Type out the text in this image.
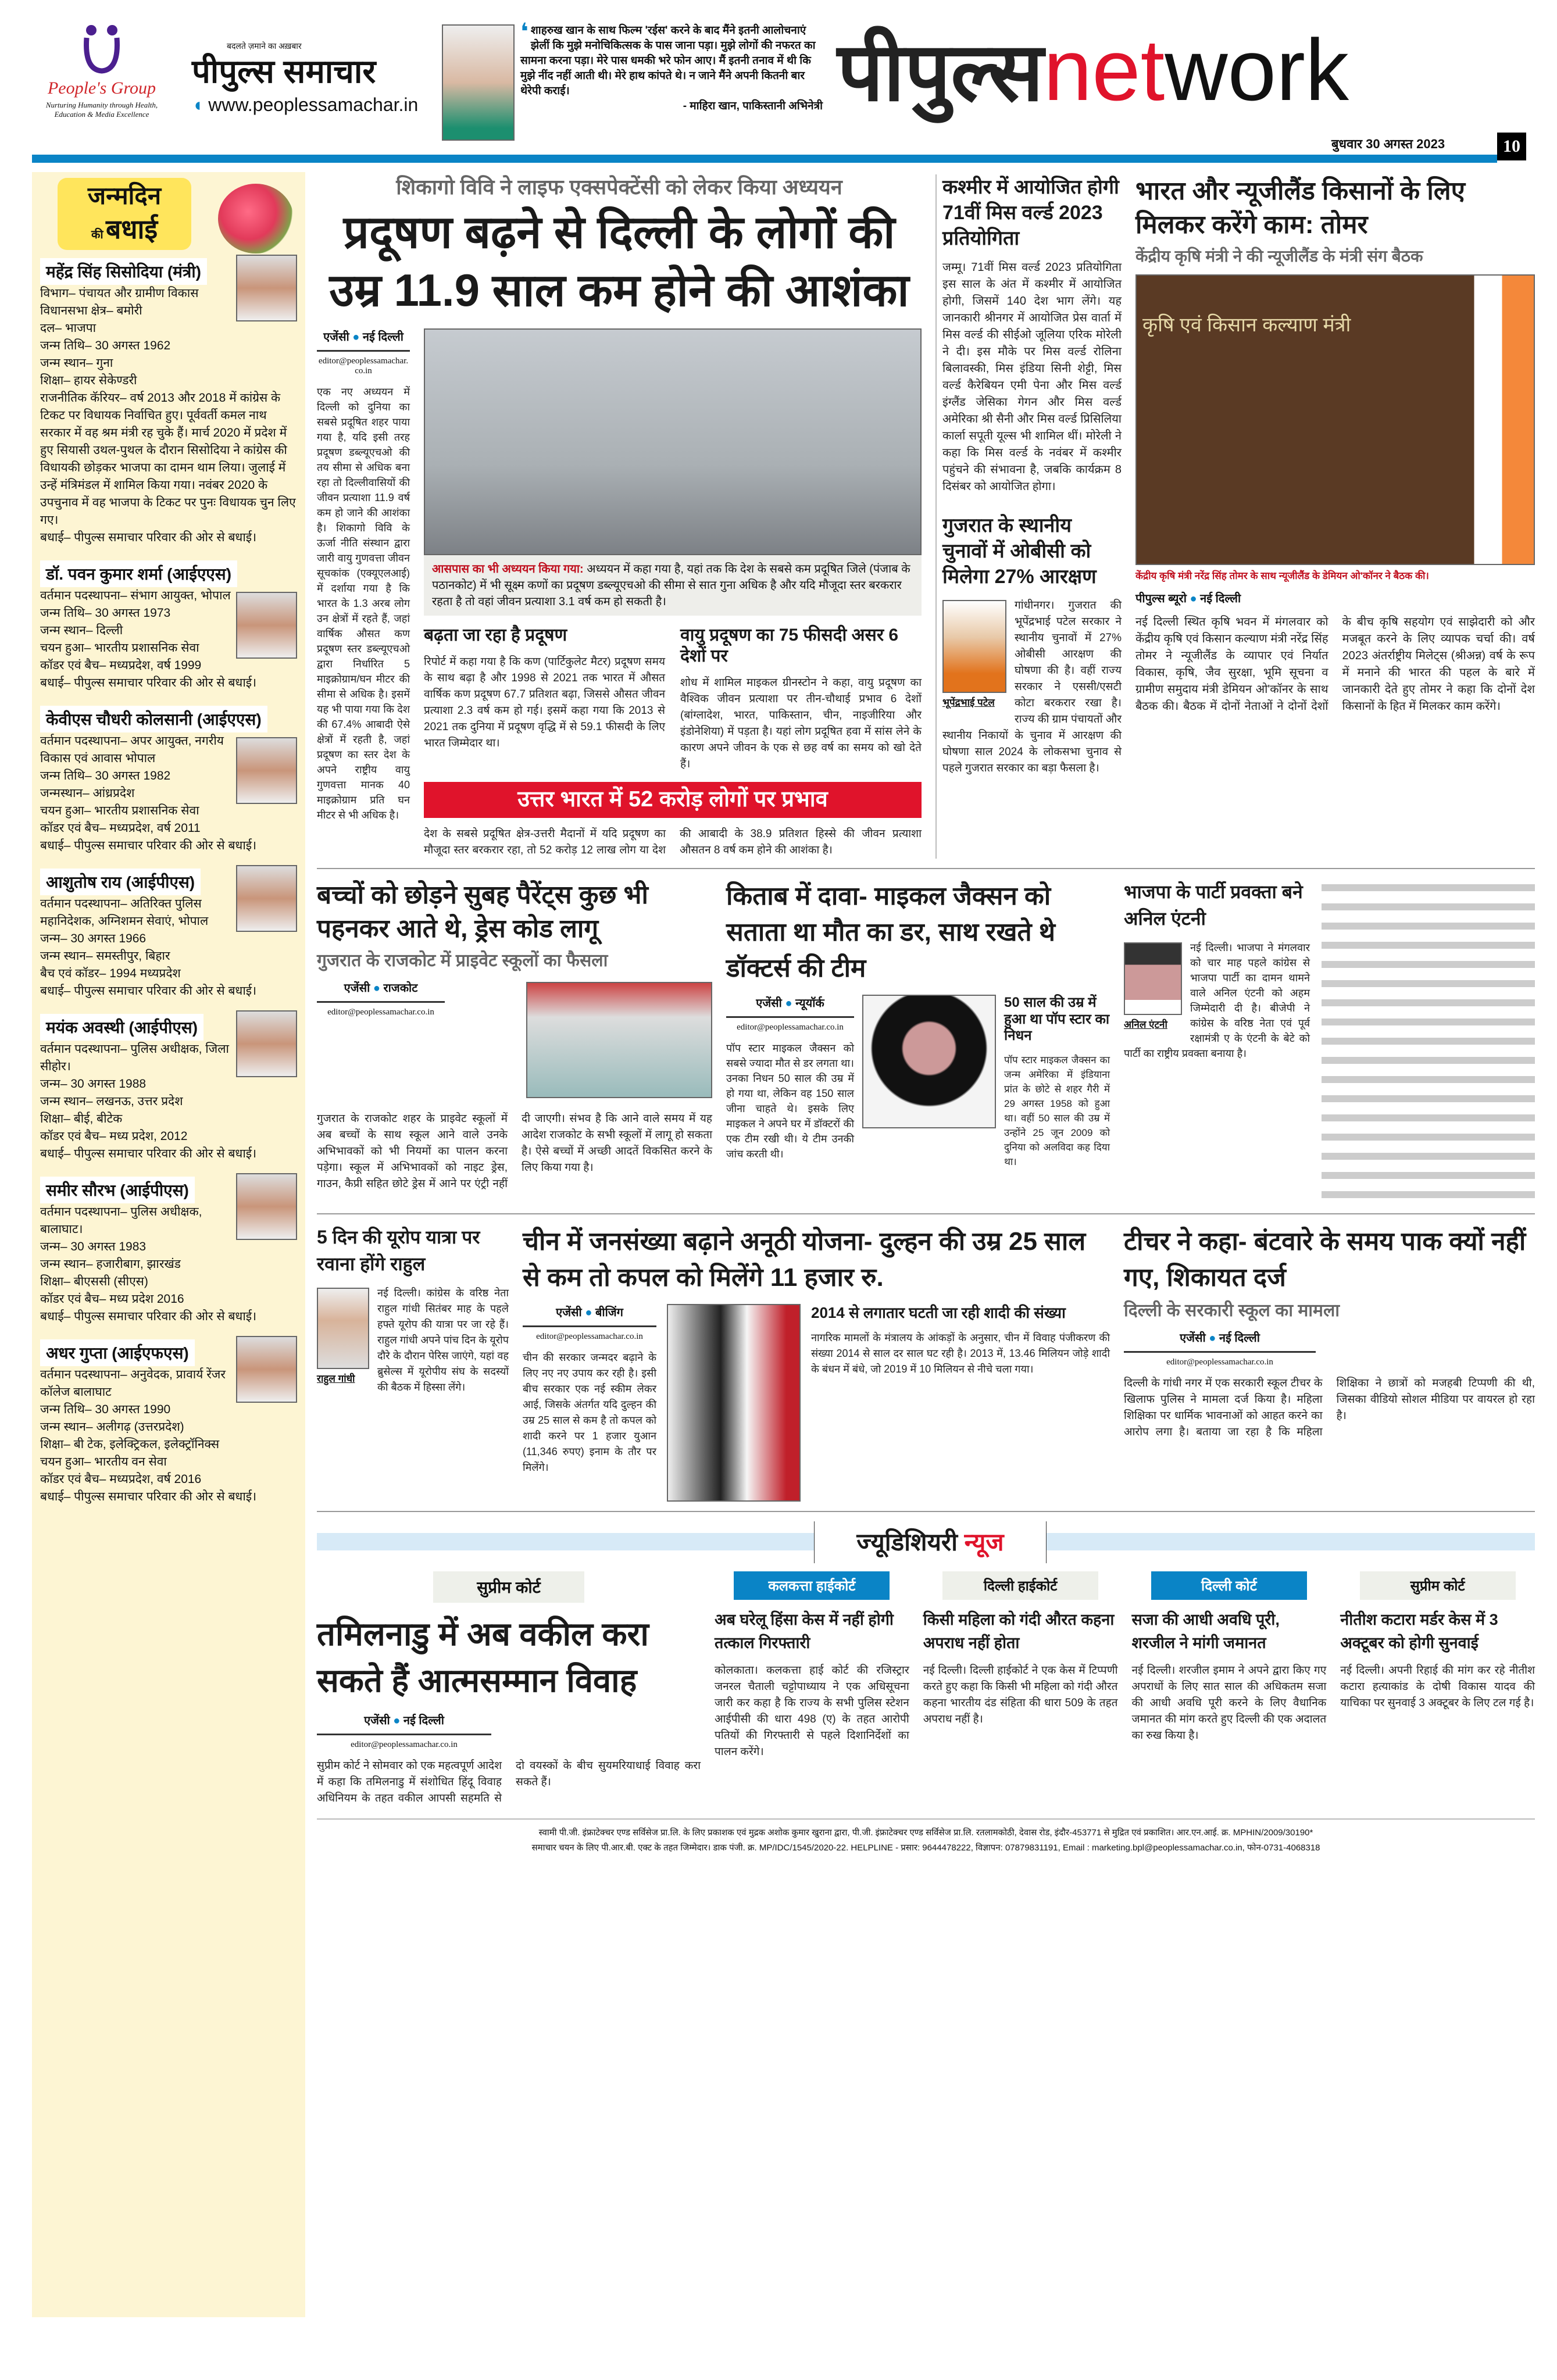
People's Group
Nurturing Humanity through Health, Education & Media Excellence
बदलते ज़माने का अख़बार
पीपुल्स समाचार
◖ www.peoplessamachar.in
❛ शाहरुख खान के साथ फिल्म 'रईस' करने के बाद मैंने इतनी आलोचनाएं झेलीं कि मुझे मनोचिकित्सक के पास जाना पड़ा। मुझे लोगों की नफरत का सामना करना पड़ा। मेरे पास धमकी भरे फोन आए। मैं इतनी तनाव में थी कि मुझे नींद नहीं आती थी। मेरे हाथ कांपते थे। न जाने मैंने अपनी कितनी बार थेरेपी कराई।
- माहिरा खान, पाकिस्तानी अभिनेत्री पीपुल्सnetwork
बुधवार 30 अगस्त 2023	10
जन्मदिन
की बधाई
महेंद्र सिंह सिसोदिया (मंत्री)
विभाग– पंचायत और ग्रामीण विकास
विधानसभा क्षेत्र– बमोरी
दल– भाजपा
जन्म तिथि– 30 अगस्त 1962
जन्म स्थान– गुना
शिक्षा– हायर सेकेण्डरी
राजनीतिक कॅरियर– वर्ष 2013 और 2018 में कांग्रेस के टिकट पर विधायक निर्वाचित हुए। पूर्ववर्ती कमल नाथ सरकार में वह श्रम मंत्री रह चुके हैं। मार्च 2020 में प्रदेश में हुए सियासी उथल-पुथल के दौरान सिसोदिया ने कांग्रेस की विधायकी छोड़कर भाजपा का दामन थाम लिया। जुलाई में उन्हें मंत्रिमंडल में शामिल किया गया। नवंबर 2020 के उपचुनाव में वह भाजपा के टिकट पर पुनः विधायक चुन लिए गए।
बधाई– पीपुल्स समाचार परिवार की ओर से बधाई।
डॉ. पवन कुमार शर्मा (आईएएस)
वर्तमान पदस्थापना– संभाग आयुक्त, भोपाल
जन्म तिथि– 30 अगस्त 1973
जन्म स्थान– दिल्ली
चयन हुआ– भारतीय प्रशासनिक सेवा
कॉडर एवं बैच– मध्यप्रदेश, वर्ष 1999
बधाई– पीपुल्स समाचार परिवार की ओर से बधाई।
केवीएस चौधरी कोलसानी (आईएएस)
वर्तमान पदस्थापना– अपर आयुक्त, नगरीय विकास एवं आवास भोपाल
जन्म तिथि– 30 अगस्त 1982
जन्मस्थान– आंध्रप्रदेश
चयन हुआ– भारतीय प्रशासनिक सेवा
कॉडर एवं बैच– मध्यप्रदेश, वर्ष 2011
बधाई– पीपुल्स समाचार परिवार की ओर से बधाई।
आशुतोष राय (आईपीएस)
वर्तमान पदस्थापना– अतिरिक्त पुलिस महानिदेशक, अग्निशमन सेवाएं, भोपाल
जन्म– 30 अगस्त 1966
जन्म स्थान– समस्तीपुर, बिहार
बैच एवं कॉडर– 1994 मध्यप्रदेश
बधाई– पीपुल्स समाचार परिवार की ओर से बधाई।
मयंक अवस्थी (आईपीएस)
वर्तमान पदस्थापना– पुलिस अधीक्षक, जिला सीहोर।
जन्म– 30 अगस्त 1988
जन्म स्थान– लखनऊ, उत्तर प्रदेश
शिक्षा– बीई, बीटेक
कॉडर एवं बैच– मध्य प्रदेश, 2012
बधाई– पीपुल्स समाचार परिवार की ओर से बधाई।
समीर सौरभ (आईपीएस)
वर्तमान पदस्थापना– पुलिस अधीक्षक, बालाघाट।
जन्म– 30 अगस्त 1983
जन्म स्थान– हजारीबाग, झारखंड
शिक्षा– बीएससी (सीएस)
कॉडर एवं बैच– मध्य प्रदेश 2016
बधाई– पीपुल्स समाचार परिवार की ओर से बधाई।
अधर गुप्ता (आईएफएस)
वर्तमान पदस्थापना– अनुवेदक, प्रावार्य रेंजर कॉलेज बालाघाट
जन्म तिथि– 30 अगस्त 1990
जन्म स्थान– अलीगढ़ (उत्तरप्रदेश)
शिक्षा– बी टेक, इलेक्ट्रिकल, इलेक्ट्रॉनिक्स
चयन हुआ– भारतीय वन सेवा
कॉडर एवं बैच– मध्यप्रदेश, वर्ष 2016
बधाई– पीपुल्स समाचार परिवार की ओर से बधाई।
शिकागो विवि ने लाइफ एक्सपेक्टेंसी को लेकर किया अध्ययन
प्रदूषण बढ़ने से दिल्ली के लोगों की उम्र 11.9 साल कम होने की आशंका
एजेंसी ● नई दिल्ली
editor@peoplessamachar.co.in
एक नए अध्ययन में दिल्ली को दुनिया का सबसे प्रदूषित शहर पाया गया है, यदि इसी तरह प्रदूषण डब्ल्यूएचओ की तय सीमा से अधिक बना रहा तो दिल्लीवासियों की जीवन प्रत्याशा 11.9 वर्ष कम हो जाने की आशंका है। शिकागो विवि के ऊर्जा नीति संस्थान द्वारा जारी वायु गुणवत्ता जीवन सूचकांक (एक्यूएलआई) में दर्शाया गया है कि भारत के 1.3 अरब लोग उन क्षेत्रों में रहते हैं, जहां वार्षिक औसत कण प्रदूषण स्तर डब्ल्यूएचओ द्वारा निर्धारित 5 माइक्रोग्राम/घन मीटर की सीमा से अधिक है। इसमें यह भी पाया गया कि देश की 67.4% आबादी ऐसे क्षेत्रों में रहती है, जहां प्रदूषण का स्तर देश के अपने राष्ट्रीय वायु गुणवत्ता मानक 40 माइक्रोग्राम प्रति घन मीटर से भी अधिक है।
आसपास का भी अध्ययन किया गया: अध्ययन में कहा गया है, यहां तक कि देश के सबसे कम प्रदूषित जिले (पंजाब के पठानकोट) में भी सूक्ष्म कणों का प्रदूषण डब्ल्यूएचओ की सीमा से सात गुना अधिक है और यदि मौजूदा स्तर बरकरार रहता है तो वहां जीवन प्रत्याशा 3.1 वर्ष कम हो सकती है।
बढ़ता जा रहा है प्रदूषण
रिपोर्ट में कहा गया है कि कण (पार्टिकुलेट मैटर) प्रदूषण समय के साथ बढ़ा है और 1998 से 2021 तक भारत में औसत वार्षिक कण प्रदूषण 67.7 प्रतिशत बढ़ा, जिससे औसत जीवन प्रत्याशा 2.3 वर्ष कम हो गई। इसमें कहा गया कि 2013 से 2021 तक दुनिया में प्रदूषण वृद्धि में से 59.1 फीसदी के लिए भारत जिम्मेदार था।
वायु प्रदूषण का 75 फीसदी असर 6 देशों पर
शोध में शामिल माइकल ग्रीनस्टोन ने कहा, वायु प्रदूषण का वैश्विक जीवन प्रत्याशा पर तीन-चौथाई प्रभाव 6 देशों (बांग्लादेश, भारत, पाकिस्तान, चीन, नाइजीरिया और इंडोनेशिया) में पड़ता है। यहां लोग प्रदूषित हवा में सांस लेने के कारण अपने जीवन के एक से छह वर्ष का समय को खो देते हैं।
उत्तर भारत में 52 करोड़ लोगों पर प्रभाव
देश के सबसे प्रदूषित क्षेत्र-उत्तरी मैदानों में यदि प्रदूषण का मौजूदा स्तर बरकरार रहा, तो 52 करोड़ 12 लाख लोग या देश की आबादी के 38.9 प्रतिशत हिस्से की जीवन प्रत्याशा औसतन 8 वर्ष कम होने की आशंका है।
कश्मीर में आयोजित होगी 71वीं मिस वर्ल्ड 2023 प्रतियोगिता
जम्मू। 71वीं मिस वर्ल्ड 2023 प्रतियोगिता इस साल के अंत में कश्मीर में आयोजित होगी, जिसमें 140 देश भाग लेंगे। यह जानकारी श्रीनगर में आयोजित प्रेस वार्ता में मिस वर्ल्ड की सीईओ जूलिया एरिक मोरेली ने दी। इस मौके पर मिस वर्ल्ड रोलिना बिलावस्की, मिस इंडिया सिनी शेट्टी, मिस वर्ल्ड कैरेबियन एमी पेना और मिस वर्ल्ड इंग्लैंड जेसिका गेगन और मिस वर्ल्ड अमेरिका श्री सैनी और मिस वर्ल्ड प्रिसिलिया कार्ला सपूती यूल्स भी शामिल थीं। मोरेली ने कहा कि मिस वर्ल्ड के नवंबर में कश्मीर पहुंचने की संभावना है, जबकि कार्यक्रम 8 दिसंबर को आयोजित होगा।
गुजरात के स्थानीय चुनावों में ओबीसी को मिलेगा 27% आरक्षण
भूपेंद्रभाई पटेल
गांधीनगर। गुजरात की भूपेंद्रभाई पटेल सरकार ने स्थानीय चुनावों में 27% ओबीसी आरक्षण की घोषणा की है। वहीं राज्य सरकार ने एससी/एसटी कोटा बरकरार रखा है। राज्य की ग्राम पंचायतों और स्थानीय निकायों के चुनाव में आरक्षण की घोषणा साल 2024 के लोकसभा चुनाव से पहले गुजरात सरकार का बड़ा फैसला है।
भारत और न्यूजीलैंड किसानों के लिए मिलकर करेंगे काम: तोमर
केंद्रीय कृषि मंत्री ने की न्यूजीलैंड के मंत्री संग बैठक
कृषि एवं किसान कल्याण मंत्री
केंद्रीय कृषि मंत्री नरेंद्र सिंह तोमर के साथ न्यूजीलैंड के डेमियन ओ'कॉनर ने बैठक की।
पीपुल्स ब्यूरो ● नई दिल्ली
नई दिल्ली स्थित कृषि भवन में मंगलवार को केंद्रीय कृषि एवं किसान कल्याण मंत्री नरेंद्र सिंह तोमर ने न्यूजीलैंड के व्यापार एवं निर्यात विकास, कृषि, जैव सुरक्षा, भूमि सूचना व ग्रामीण समुदाय मंत्री डेमियन ओ'कॉनर के साथ बैठक की। बैठक में दोनों नेताओं ने दोनों देशों के बीच कृषि सहयोग एवं साझेदारी को और मजबूत करने के लिए व्यापक चर्चा की। वर्ष 2023 अंतर्राष्ट्रीय मिलेट्स (श्रीअन्न) वर्ष के रूप में मनाने की भारत की पहल के बारे में जानकारी देते हुए तोमर ने कहा कि दोनों देश किसानों के हित में मिलकर काम करेंगे।
बच्चों को छोड़ने सुबह पैरेंट्स कुछ भी पहनकर आते थे, ड्रेस कोड लागू
गुजरात के राजकोट में प्राइवेट स्कूलों का फैसला
एजेंसी ● राजकोट
editor@peoplessamachar.co.in
गुजरात के राजकोट शहर के प्राइवेट स्कूलों में अब बच्चों के साथ स्कूल आने वाले उनके अभिभावकों को भी नियमों का पालन करना पड़ेगा। स्कूल में अभिभावकों को नाइट ड्रेस, गाउन, कैप्री सहित छोटे ड्रेस में आने पर एंट्री नहीं दी जाएगी। संभव है कि आने वाले समय में यह आदेश राजकोट के सभी स्कूलों में लागू हो सकता है। ऐसे बच्चों में अच्छी आदतें विकसित करने के लिए किया गया है।
किताब में दावा- माइकल जैक्सन को सताता था मौत का डर, साथ रखते थे डॉक्टर्स की टीम
एजेंसी ● न्यूयॉर्क
editor@peoplessamachar.co.in
पॉप स्टार माइकल जैक्सन को सबसे ज्यादा मौत से डर लगता था। उनका निधन 50 साल की उम्र में हो गया था, लेकिन वह 150 साल जीना चाहते थे। इसके लिए माइकल ने अपने घर में डॉक्टरों की एक टीम रखी थी। ये टीम उनकी जांच करती थी।
50 साल की उम्र में हुआ था पॉप स्टार का निधन
पॉप स्टार माइकल जैक्सन का जन्म अमेरिका में इंडियाना प्रांत के छोटे से शहर गैरी में 29 अगस्त 1958 को हुआ था। वहीं 50 साल की उम्र में उन्होंने 25 जून 2009 को दुनिया को अलविदा कह दिया था।
भाजपा के पार्टी प्रवक्ता बने अनिल एंटनी
अनिल एंटनी
नई दिल्ली। भाजपा ने मंगलवार को चार माह पहले कांग्रेस से भाजपा पार्टी का दामन थामने वाले अनिल एंटनी को अहम जिम्मेदारी दी है। बीजेपी ने कांग्रेस के वरिष्ठ नेता एवं पूर्व रक्षामंत्री ए के एंटनी के बेटे को पार्टी का राष्ट्रीय प्रवक्ता बनाया है।
5 दिन की यूरोप यात्रा पर रवाना होंगे राहुल
राहुल गांधी
नई दिल्ली। कांग्रेस के वरिष्ठ नेता राहुल गांधी सितंबर माह के पहले हफ्ते यूरोप की यात्रा पर जा रहे हैं। राहुल गांधी अपने पांच दिन के यूरोप दौरे के दौरान पेरिस जाएंगे, यहां वह ब्रुसेल्स में यूरोपीय संघ के सदस्यों की बैठक में हिस्सा लेंगे।
चीन में जनसंख्या बढ़ाने अनूठी योजना- दुल्हन की उम्र 25 साल से कम तो कपल को मिलेंगे 11 हजार रु.
एजेंसी ● बीजिंग
editor@peoplessamachar.co.in
चीन की सरकार जन्मदर बढ़ाने के लिए नए नए उपाय कर रही है। इसी बीच सरकार एक नई स्कीम लेकर आई, जिसके अंतर्गत यदि दुल्हन की उम्र 25 साल से कम है तो कपल को शादी करने पर 1 हजार युआन (11,346 रुपए) इनाम के तौर पर मिलेंगे।
2014 से लगातार घटती जा रही शादी की संख्या
नागरिक मामलों के मंत्रालय के आंकड़ों के अनुसार, चीन में विवाह पंजीकरण की संख्या 2014 से साल दर साल घट रही है। 2013 में, 13.46 मिलियन जोड़े शादी के बंधन में बंधे, जो 2019 में 10 मिलियन से नीचे चला गया।
टीचर ने कहा- बंटवारे के समय पाक क्यों नहीं गए, शिकायत दर्ज
दिल्ली के सरकारी स्कूल का मामला
एजेंसी ● नई दिल्ली
editor@peoplessamachar.co.in
दिल्ली के गांधी नगर में एक सरकारी स्कूल टीचर के खिलाफ पुलिस ने मामला दर्ज किया है। महिला शिक्षिका पर धार्मिक भावनाओं को आहत करने का आरोप लगा है। बताया जा रहा है कि महिला शिक्षिका ने छात्रों को मजहबी टिप्पणी की थी, जिसका वीडियो सोशल मीडिया पर वायरल हो रहा है।
ज्यूडिशियरी न्यूज
सुप्रीम कोर्ट
तमिलनाडु में अब वकील करा सकते हैं आत्मसम्मान विवाह
एजेंसी ● नई दिल्ली
editor@peoplessamachar.co.in
सुप्रीम कोर्ट ने सोमवार को एक महत्वपूर्ण आदेश में कहा कि तमिलनाडु में संशोधित हिंदू विवाह अधिनियम के तहत वकील आपसी सहमति से दो वयस्कों के बीच सुयमरियाधाई विवाह करा सकते हैं।
कलकत्ता हाईकोर्ट
अब घरेलू हिंसा केस में नहीं होगी तत्काल गिरफ्तारी
कोलकाता। कलकत्ता हाई कोर्ट की रजिस्ट्रार जनरल चैताली चट्टोपाध्याय ने एक अधिसूचना जारी कर कहा है कि राज्य के सभी पुलिस स्टेशन आईपीसी की धारा 498 (ए) के तहत आरोपी पतियों की गिरफ्तारी से पहले दिशानिर्देशों का पालन करेंगे।
दिल्ली हाईकोर्ट
किसी महिला को गंदी औरत कहना अपराध नहीं होता
नई दिल्ली। दिल्ली हाईकोर्ट ने एक केस में टिप्पणी करते हुए कहा कि किसी भी महिला को गंदी औरत कहना भारतीय दंड संहिता की धारा 509 के तहत अपराध नहीं है।
दिल्ली कोर्ट
सजा की आधी अवधि पूरी, शरजील ने मांगी जमानत
नई दिल्ली। शरजील इमाम ने अपने द्वारा किए गए अपराधों के लिए सात साल की अधिकतम सजा की आधी अवधि पूरी करने के लिए वैधानिक जमानत की मांग करते हुए दिल्ली की एक अदालत का रुख किया है।
सुप्रीम कोर्ट
नीतीश कटारा मर्डर केस में 3 अक्टूबर को होगी सुनवाई
नई दिल्ली। अपनी रिहाई की मांग कर रहे नीतीश कटारा हत्याकांड के दोषी विकास यादव की याचिका पर सुनवाई 3 अक्टूबर के लिए टल गई है।
स्वामी पी.जी. इंफ्राटेक्चर एण्ड सर्विसेज प्रा.लि. के लिए प्रकाशक एवं मुद्रक अशोक कुमार खुराना द्वारा, पी.जी. इंफ्राटेक्चर एण्ड सर्विसेज प्रा.लि. रतलामकोठी, देवास रोड, इंदौर-453771 से मुद्रित एवं प्रकाशित। आर.एन.आई. क्र. MPHIN/2009/30190*
समाचार चयन के लिए पी.आर.बी. एक्ट के तहत जिम्मेदार। डाक पंजी. क्र. MP/IDC/1545/2020-22. HELPLINE - प्रसार: 9644478222, विज्ञापन: 07879831191, Email : marketing.bpl@peoplessamachar.co.in, फोन-0731-4068318
